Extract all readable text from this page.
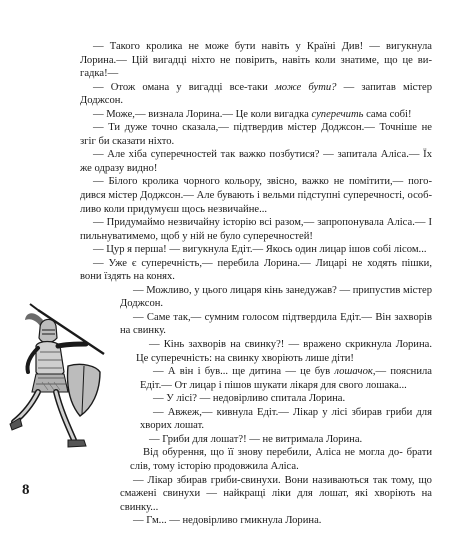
— Такого кролика не може бути навіть у Країні Див! — вигукнула Лорина.— Цій вигадці ніхто не повірить, навіть коли знатиме, що це ви- гадка!—

— Отож омана у вигадці все-таки може бути? — запитав містер Доджсон.

— Може,— визнала Лорина.— Це коли вигадка суперечить сама собі!

— Ти дуже точно сказала,— підтвердив містер Доджсон.— Точніше не згіг би сказати ніхто.

— Але хіба суперечностей так важко позбутися? — запитала Аліса.— Їх же одразу видно!

— Білого кролика чорного кольору, звісно, важко не помітити,— пого- дився містер Доджсон.— Але бувають і вельми підступні суперечності, особ- ливо коли придумуєш щось незвичайне...

— Придумаймо незвичайну історію всі разом,— запропонувала Аліса.— І пильнуватимемо, щоб у ній не було суперечностей!

— Цур я перша! — вигукнула Едіт.— Якось один лицар ішов собі лісом...

— Уже є суперечність,— перебила Лорина.— Лицарі не ходять пішки, вони їздять на конях.

— Можливо, у цього лицаря кінь занедужав? — припустив містер Доджсон.

— Саме так,— сумним голосом підтвердила Едіт.— Він захворів на свинку.

— Кінь захворів на свинку?! — вражено скрикнула Лорина. Це суперечність: на свинку хворіють лише діти!

— А він і був... ще дитина — це був лошачок,— пояснила Едіт.— От лицар і пішов шукати лікаря для свого лошака...

— У лісі? — недовірливо спитала Лорина.

— Авжеж,— кивнула Едіт.— Лікар у лісі збирав гриби для хворих лошат.

— Гриби для лошат?! — не витримала Лорина.

Від обурення, що її знову перебили, Аліса не могла до- брати слів, тому історію продовжила Аліса.

— Лікар збирав гриби-свинухи. Вони називаються так тому, що смажені свинухи — найкращі ліки для лошат, які хворіють на свинку...

— Гм... — недовірливо гмикнула Лорина.

8
